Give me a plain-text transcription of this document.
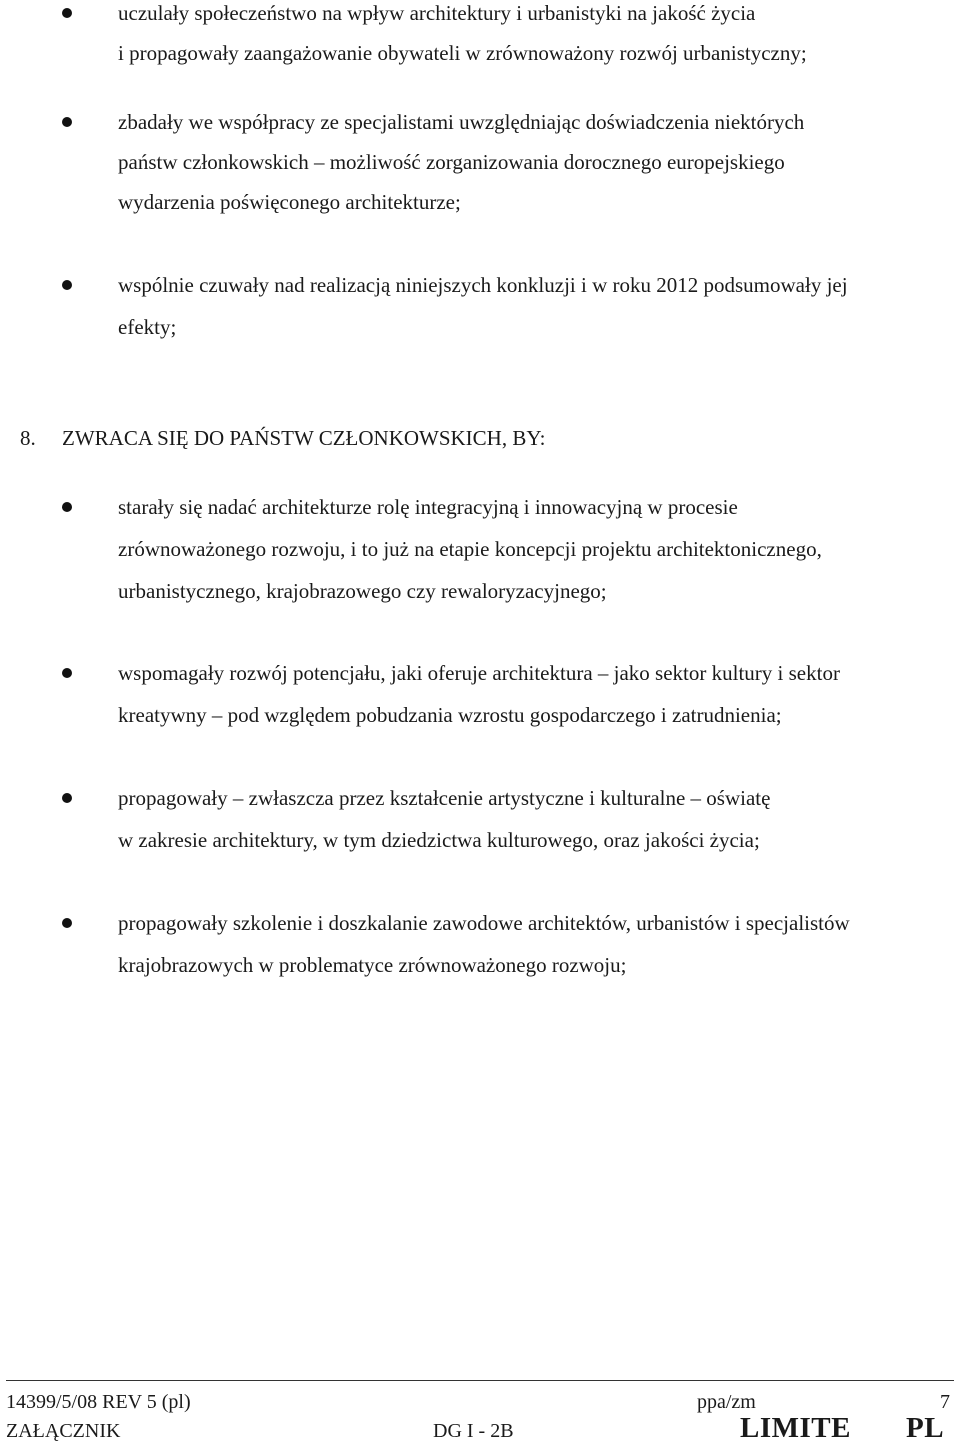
uczulały społeczeństwo na wpływ architektury i urbanistyki na jakość życia
i propagowały zaangażowanie obywateli w zrównoważony rozwój urbanistyczny;
zbadały we współpracy ze specjalistami uwzględniając doświadczenia niektórych
państw członkowskich – możliwość zorganizowania dorocznego europejskiego
wydarzenia poświęconego architekturze;
wspólnie czuwały nad realizacją niniejszych konkluzji i w roku 2012 podsumowały jej
efekty;
8. ZWRACA SIĘ DO PAŃSTW CZŁONKOWSKICH, BY:
starały się nadać architekturze rolę integracyjną i innowacyjną w procesie
zrównoważonego rozwoju, i to już na etapie koncepcji projektu architektonicznego,
urbanistycznego, krajobrazowego czy rewaloryzacyjnego;
wspomagały rozwój potencjału, jaki oferuje architektura – jako sektor kultury i sektor
kreatywny – pod względem pobudzania wzrostu gospodarczego i zatrudnienia;
propagowały – zwłaszcza przez kształcenie artystyczne i kulturalne – oświatę
w zakresie architektury, w tym dziedzictwa kulturowego, oraz jakości życia;
propagowały szkolenie i doszkalanie zawodowe architektów, urbanistów i specjalistów
krajobrazowych w problematyce zrównoważonego rozwoju;
14399/5/08 REV 5 (pl)	ppa/zm	7
ZAŁĄCZNIK	DG I - 2B	LIMITE PL
